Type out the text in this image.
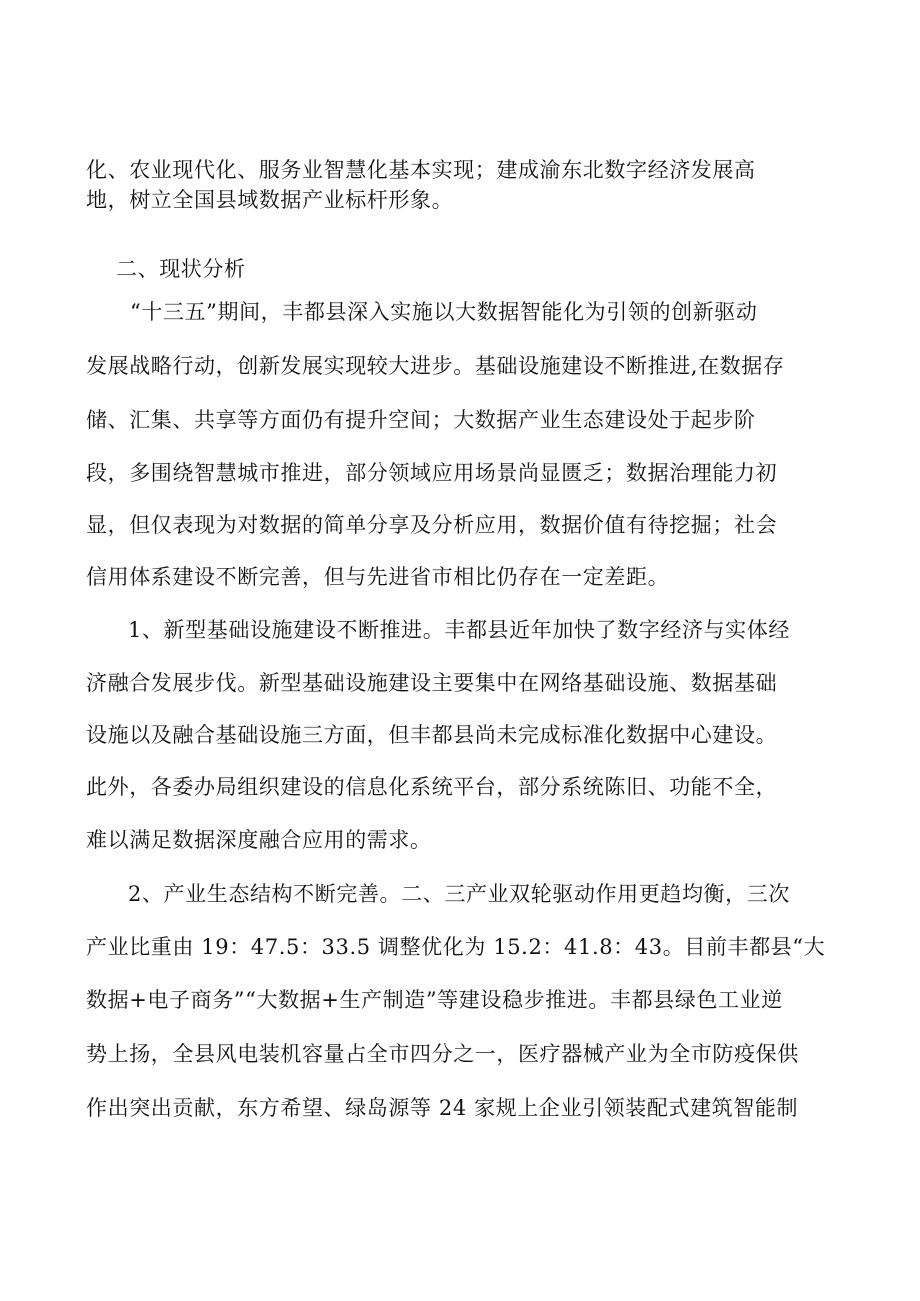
化、农业现代化、服务业智慧化基本实现；建成渝东北数字经济发展高
地，树立全国县域数据产业标杆形象。
二、现状分析
“十三五”期间，丰都县深入实施以大数据智能化为引领的创新驱动
发展战略行动，创新发展实现较大进步。基础设施建设不断推进,在数据存
储、汇集、共享等方面仍有提升空间；大数据产业生态建设处于起步阶
段，多围绕智慧城市推进，部分领域应用场景尚显匮乏；数据治理能力初
显，但仅表现为对数据的简单分享及分析应用，数据价值有待挖掘；社会
信用体系建设不断完善，但与先进省市相比仍存在一定差距。
1、新型基础设施建设不断推进。丰都县近年加快了数字经济与实体经
济融合发展步伐。新型基础设施建设主要集中在网络基础设施、数据基础
设施以及融合基础设施三方面，但丰都县尚未完成标准化数据中心建设。
此外，各委办局组织建设的信息化系统平台，部分系统陈旧、功能不全，
难以满足数据深度融合应用的需求。
2、产业生态结构不断完善。二、三产业双轮驱动作用更趋均衡，三次
产业比重由 19：47.5：33.5 调整优化为 15.2：41.8：43。目前丰都县“大
数据+电子商务”“大数据+生产制造”等建设稳步推进。丰都县绿色工业逆
势上扬，全县风电装机容量占全市四分之一，医疗器械产业为全市防疫保供
作出突出贡献，东方希望、绿岛源等 24 家规上企业引领装配式建筑智能制
